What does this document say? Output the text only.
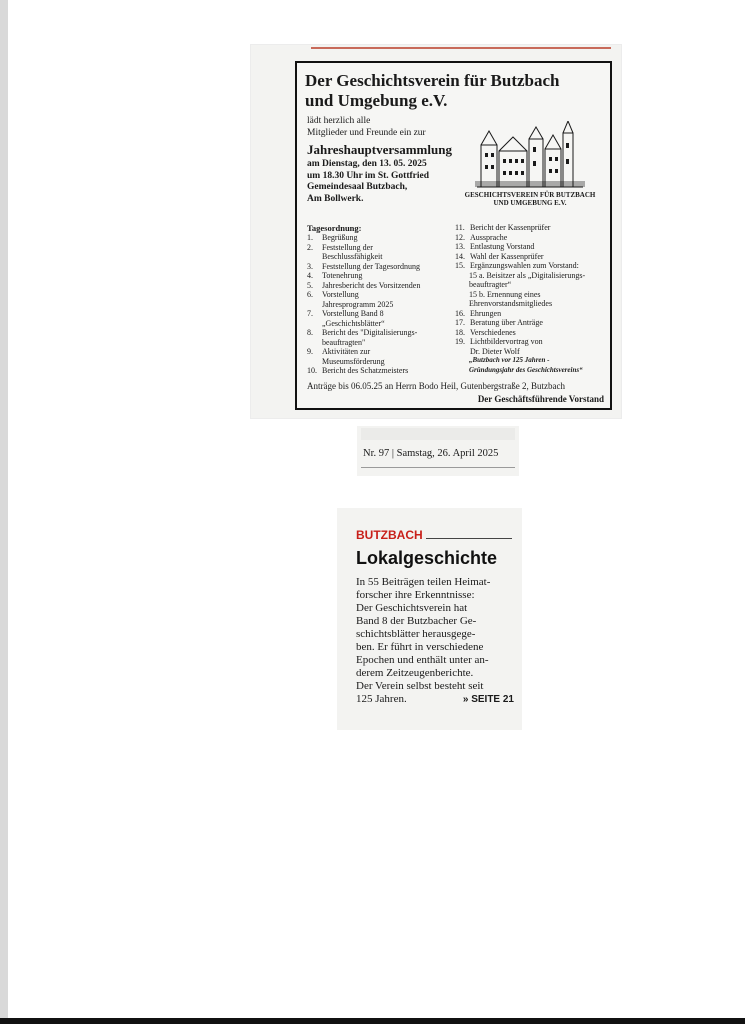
Der Geschichtsverein für Butzbach
und Umgebung e.V.
lädt herzlich alle
Mitglieder und Freunde ein zur
Jahreshauptversammlung
am Dienstag, den 13. 05. 2025
um 18.30 Uhr im St. Gottfried
Gemeindesaal Butzbach,
Am Bollwerk.	GESCHICHTSVEREIN FÜR BUTZBACH
UND UMGEBUNG E.V.
Tagesordnung:
1.	Begrüßung
2.	Feststellung der
Beschlussfähigkeit
3.	Feststellung der Tagesordnung
4.	Totenehrung
5.	Jahresbericht des Vorsitzenden
6.	Vorstellung
Jahresprogramm 2025
7.	Vorstellung Band 8
„Geschichtsblätter“
8.	Bericht des "Digitalisierungs-
beauftragten"
9.	Aktivitäten zur
Museumsförderung
10. Bericht des Schatzmeisters
11. Bericht der Kassenprüfer
12. Aussprache
13. Entlastung Vorstand
14. Wahl der Kassenprüfer
15. Ergänzungswahlen zum Vorstand:
15 a. Beisitzer als „Digitalisierungs-
beauftragter“
15 b. Ernennung eines
Ehrenvorstandsmitgliedes
16. Ehrungen
17. Beratung über Anträge
18. Verschiedenes
19. Lichtbildervortrag von
Dr. Dieter Wolf
„Butzbach vor 125 Jahren -
Gründungsjahr des Geschichtsvereins“
Anträge bis 06.05.25 an Herrn Bodo Heil, Gutenbergstraße 2, Butzbach
Der Geschäftsführende Vorstand
Nr. 97 | Samstag, 26. April 2025
BUTZBACH
Lokalgeschichte
In 55 Beiträgen teilen Heimat-
forscher ihre Erkenntnisse:
Der Geschichtsverein hat
Band 8 der Butzbacher Ge-
schichtsblätter herausgege-
ben. Er führt in verschiedene
Epochen und enthält unter an-
derem Zeitzeugenberichte.
Der Verein selbst besteht seit
125 Jahren.	» SEITE 21
